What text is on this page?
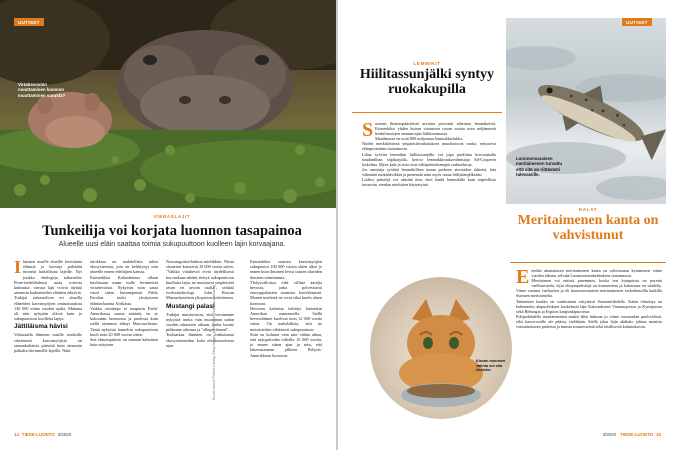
UUTISET
Virtahevosten muuttaminen luonnon muuttaminen surusta?
VIERASLAJIT
Tunkeilija voi korjata luonnon tasapainoa
Alueelle uusi eläin saattaa toimia sukupuuttoon kuolleen lajin korvaajana.
I hmisen uusille alueille levittämiä eläimiä ja kasveja pidetään monesti haitallisina lajeille. Nyt joukko ekologeja tarkastelee Pirae-tiedelehdessä asiaa toisesta kulmasta: vieraat lajit voivat täyttää aiemmin kadonneiden eläinten tehtäviä.

Tutkijat tarkastelivat eri alueilla eläneiden kasvinsyöjien ominaisuuksia 130 000 viime vuoden ajalta. Mukana oli niin nykyään eläviä kuin jo sukupuuttoon kuolleita lajeja.

Jättiläisma hävisi

Valtaosalla ihminen uusille seuduille siirtämistä kasvinsyöjistä on samankaltaisia piirteitä kuin aiemmin paikalta hävinneillä lajeilla. Näin

tulokkaat on mahdollista tukea ekosysteemiä, jota on kehittynyt niin alueelle ennen edeltäjien kanssa.

Esimerkiksi Kolumbiassa ollaan huolissaan maan isolle levinneistä virtahevoista. Nykyisin noin sataa vuosi sitten huumeparoni Pablo Escobar tuotti yksityiseen eläintarhaansa Afrikasta.

Vaikka virtahepo ei naapurin Etelä-Amerikassa suurta määrää, on se kokonaan luonnossa ja puolesta kuin siellä aiemmin elänyt Macrauchenia. Tämä nykyistä kameliin sukupuuttoon kuoli noin 20 000 vuotta sitten.

Sen elinympäristö on samaan kaltainen kuin erityisen

Nousungulata-lahkon mielikkiin. Niistä viimeiset katosivat 10 000 vuotta sitten.

"Vaikka virtahevot eivät täydellisesti korvaakaan niiden tiettyä sukupuuttoon kuollutta lajia, ne muuttavat ympäristöä aivan eri tavoin osalta", selittää evoluutiobiologi John Rowan Massachusettsin yliopiston tiedotteessa.

Mustangi palasi

Tutkijat muistuttavat, että vertaamme nykyisiä useita vain muutaman sadan vuoden takaiseen aikaan, jonka luonto pidämme oikeana ja "alkuperäisenä".

Todisaikaa ihminen on vaikuttanut ekosysteemeihin koko olemassaolonsa ajan.	Kuvat: Nature Picture Library, Getty Images ja Sciencephoto/Ritva Salmanen

Esimerkiksi suurten kasvinsyöjien sukupuutot 100 000 vuotta sitten alkoi jo ennen kuin ihminen levisi uusien alueiden ihmisen toiminnasta.

Yhdysvalloissa elää villinä aasejia hevosia, jotka polveutuvat eurooppalaisten tuomista kotieläimistä. Monen mielestä ne eivät siksi kuulu aluen luontoon.

Hevosen kaltaisia kehittyi kuitenkin Amerikan mantereella. Siellä hevoseläimet kuolivat noin 12 000 vuotta sitten. On mahdollista, että ne metsästettiin vähäisesti sukupuuttoon.

Siitä on kulunut vain niin vähän aikaa, että nykypäivään tulleilla 10 000 vuotta, jo ennen sitten ajan ja niin, että lukemattoman jälkeen Pohjois-Amerikkaan luontoon.

14 TIEDE-LUONTO 3/2020
UUTISET
Luonnonvaraisen meritaimenen turvattu että sitä on riittävästi tulevaisille.
LEMMIKIT
Hiilitassunjälki syntyy ruokakupilla
S uomen ilmastopäästöistä arvioita prosentti aiheutuu lemmikeistä. Esimerkiksi yhden koiran vuotuisen ruoan vastaa noin neljännestä henkilöautojen samaan ajan hiilikuormasta.

Maailmassa on noin 800 miljoonaa lemmikkielukka.

Niiden merkittävinnä ympäristövaikutuksen muodostuvat ruoka, erityisesti eläinproteiinin tuotannosta.

Lihaa syövän lemmikin hiilitassunjälki voi jopa puolittua korvaamalla naudanlihan siipikarjalla, kertoo lemmikkiruokavalmistaja Ed-Cooperin laskelma. Myös kala ja rista ovat vähäpäästöisempiä vaihtoehtoja.

Jos omistaja syöttää lemmikilleen muun perheen aterioiden tähteitä, hän vähentää ruokahävikkiä ja pienentää näin myös omaa hiilijalanjälkeään.

Lisäksi päästöjä voi säästää niin, ettei hanki lemmikille kuin tarpeellisia tavaroita, etenkin mieluiten käytettyinä.

Kissan muumen valinta voi olla ekoteko.
KALAT
Meritaimenen kanta on vahvistunut
E tenlän uhanalaisen meritaimenen kanta on vahvistunut kymmenen viime vuoden aikana, selviää Luonnonvarakeskuksen seurannasta.

Meritaimen voi entistä paremmin, koska sen kutupoista on purettu vaellusesteitä, lajin elinympäristöjä on kunnostettu ja kalastusta on säädelty. Viime vuonna vaeltavien ja eli luonnonvaraisen meritaimenen raskohintoilla kaikilla Suomen meritaimelta.

Taimenten lonkko on vankistunut erityisesti Suomenlahdella. Kalan elinoloja on kohennettu alapuoleiksen kosketusta läpi Kalastukseen Vantaanjoessa ja Kymijoessa sekä Helsingin ja Espoon kaupunkipuroissa.

Pohjanlahdella meritaimenten määrä lähti laskuun jo viime vuosisadan puolivälissä, eikä kasvu-uralle ole päässy vieläkään. Siellä jalon lajin ahdinko johtuu monista voimalaitosten padoista ja muista rousuesteistä sekä täsillisestä kalastuksesta.

3/2020 TIEDE-LUONTO 15
